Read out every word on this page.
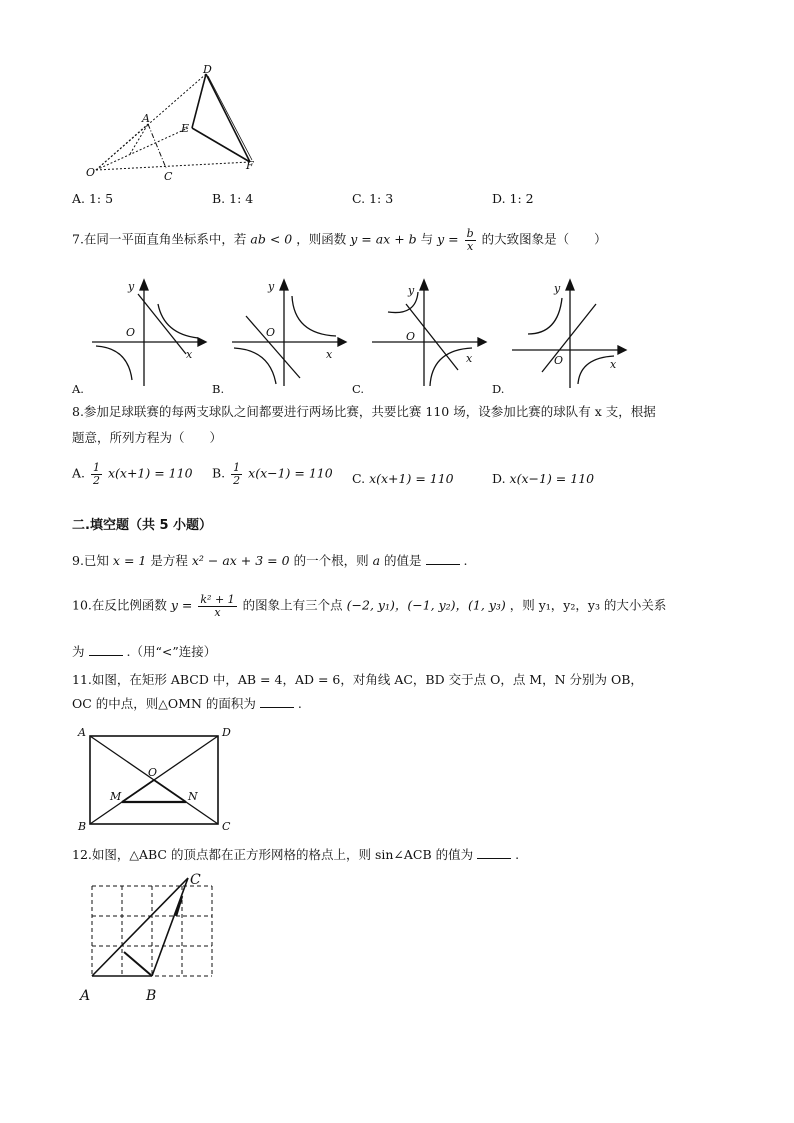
D
E
F
A
O	C
A. 1: 5	B. 1: 4	C. 1: 3	D. 1: 2
7.在同一平面直角坐标系中，若 ab < 0 ，则函数 y = ax + b 与 $y = \frac{b}{x}$ 的大致图象是（　　）
y
x
O
A.
y
x
O
B.
y
x
O
C.
y
x
O
D.
8.参加足球联赛的每两支球队之间都要进行两场比赛，共要比赛 110 场，设参加比赛的球队有 x 支，根据
题意，所列方程为（　　）
A. $\frac{1}{2} x(x+1) = 110$ B. $\frac{1}{2} x(x-1) = 110$ C. x(x+1) = 110	D. x(x−1) = 110
二.填空题（共 5 小题）
9.已知 x = 1 是方程 x² − ax + 3 = 0 的一个根，则 a 的值是	.
10.在反比例函数 $y = \frac{\text{k² + 1}}{x}$ 的图象上有三个点 (−2, y₁)，(−1, y₂)，(1, y₃) ，则 y₁，y₂，y₃ 的大小关系
为	.（用“<”连接）
11.如图，在矩形 ABCD 中，AB = 4，AD = 6，对角线 AC，BD 交于点 O，点 M，N 分别为 OB，
OC 的中点，则△OMN 的面积为	.
A	D
O
M	N
B	C
12.如图，△ABC 的顶点都在正方形网格的格点上，则 sin∠ACB 的值为	.
A	B
C
